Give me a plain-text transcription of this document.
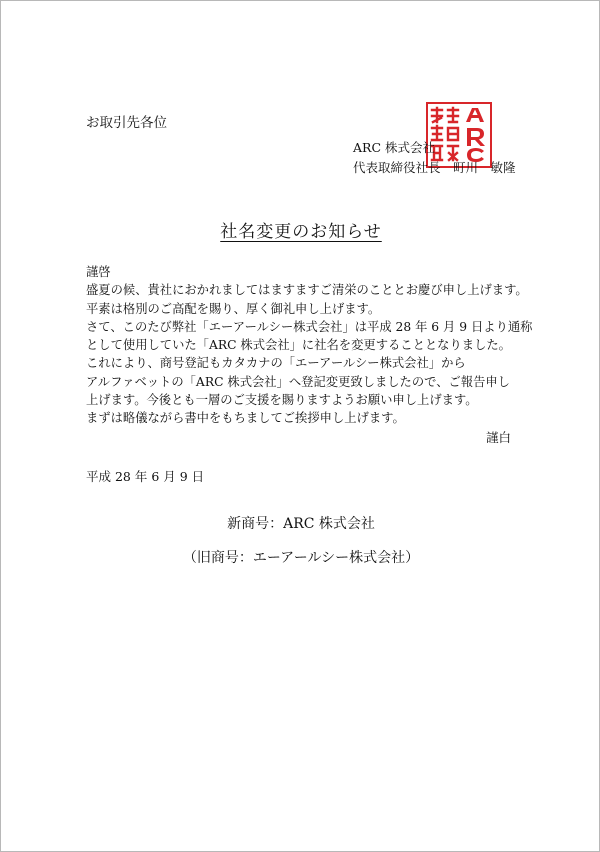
お取引先各位
ARC 株式会社
代表取締役社長　町川　敏隆
社名変更のお知らせ
謹啓
盛夏の候、貴社におかれましてはますますご清栄のこととお慶び申し上げます。
平素は格別のご高配を賜り、厚く御礼申し上げます。
さて、このたび弊社「エーアールシー株式会社」は平成 28 年 6 月 9 日より通称
として使用していた「ARC 株式会社」に社名を変更することとなりました。
これにより、商号登記もカタカナの「エーアールシー株式会社」から
アルファベットの「ARC 株式会社」へ登記変更致しましたので、ご報告申し
上げます。今後とも一層のご支援を賜りますようお願い申し上げます。
まずは略儀ながら書中をもちましてご挨拶申し上げます。
謹白
平成 28 年 6 月 9 日
新商号：ARC 株式会社
（旧商号：エーアールシー株式会社）
